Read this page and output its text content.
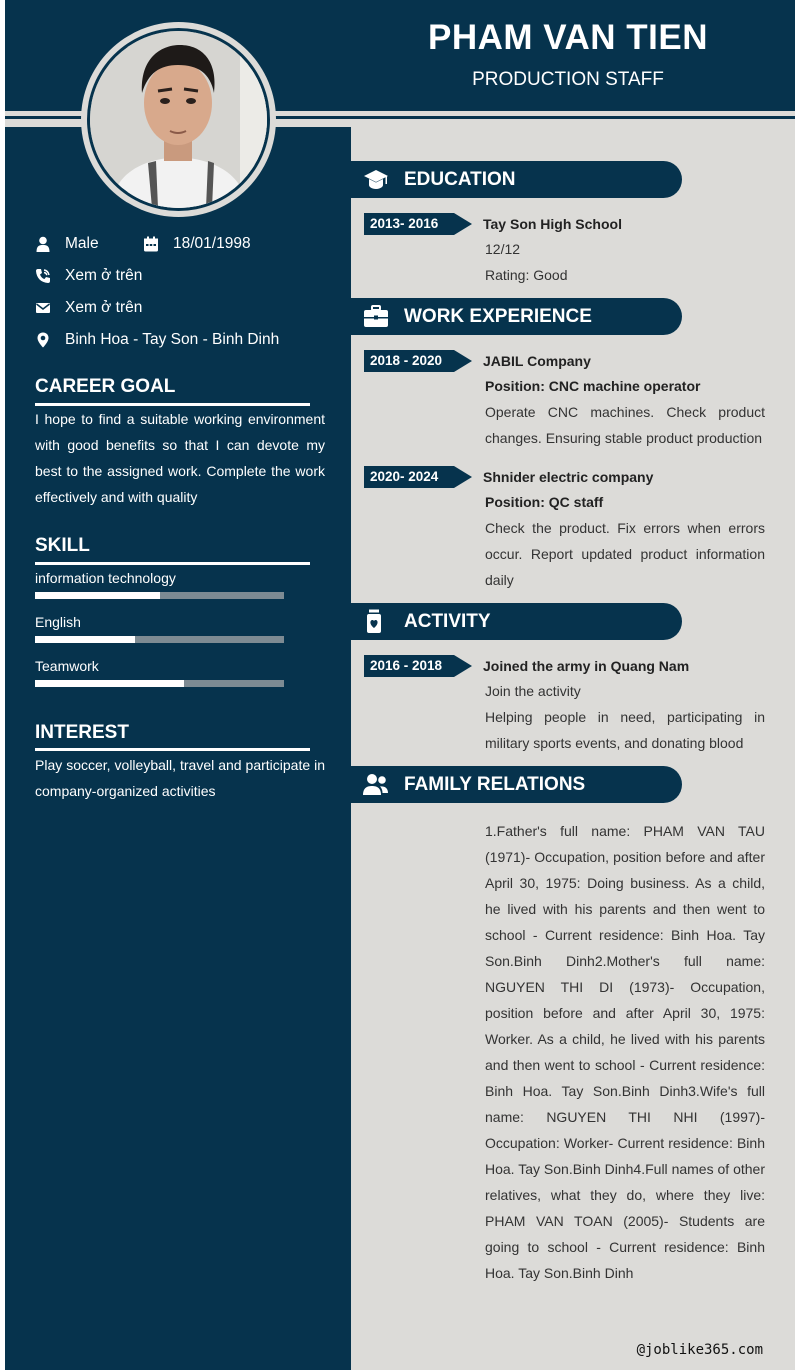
PHAM VAN TIEN
PRODUCTION STAFF
Male	18/01/1998
Xem ở trên
Xem ở trên
Binh Hoa - Tay Son - Binh Dinh
CAREER GOAL
I hope to find a suitable working environment with good benefits so that I can devote my best to the assigned work. Complete the work effectively and with quality
SKILL
information technology
English
Teamwork
INTEREST
Play soccer, volleyball, travel and participate in company-organized activities
EDUCATION
2013- 2016	Tay Son High School
12/12
Rating: Good
WORK EXPERIENCE
2018 - 2020	JABIL Company
Position: CNC machine operator
Operate CNC machines. Check product changes. Ensuring stable product production
2020- 2024	Shnider electric company
Position: QC staff
Check the product. Fix errors when errors occur. Report updated product information daily
ACTIVITY
2016 - 2018	Joined the army in Quang Nam
Join the activity
Helping people in need, participating in military sports events, and donating blood
FAMILY RELATIONS
1.Father's full name: PHAM VAN TAU (1971)- Occupation, position before and after April 30, 1975: Doing business. As a child, he lived with his parents and then went to school - Current residence: Binh Hoa. Tay Son.Binh Dinh2.Mother's full name: NGUYEN THI DI (1973)- Occupation, position before and after April 30, 1975: Worker. As a child, he lived with his parents and then went to school - Current residence: Binh Hoa. Tay Son.Binh Dinh3.Wife's full name: NGUYEN THI NHI (1997)- Occupation: Worker- Current residence: Binh Hoa. Tay Son.Binh Dinh4.Full names of other relatives, what they do, where they live: PHAM VAN TOAN (2005)- Students are going to school - Current residence: Binh Hoa. Tay Son.Binh Dinh
@joblike365.com
